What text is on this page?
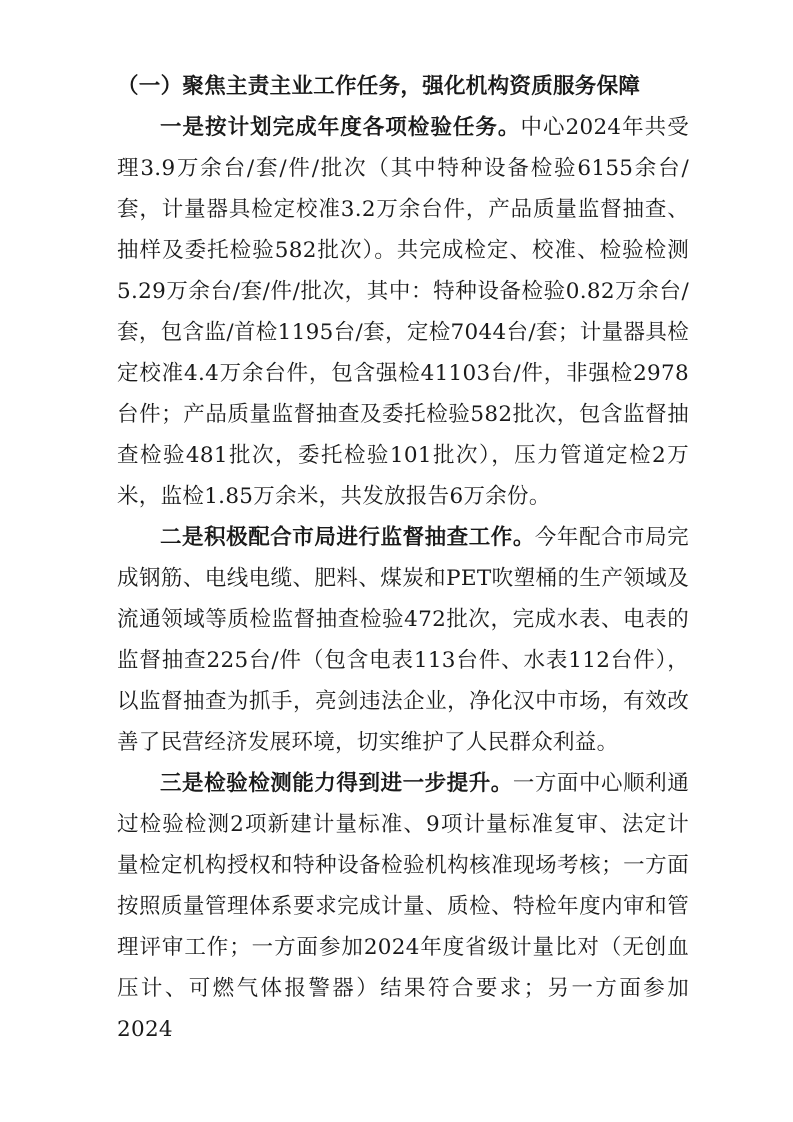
（一）聚焦主责主业工作任务，强化机构资质服务保障

一是按计划完成年度各项检验任务。中心2024年共受理3.9万余台/套/件/批次（其中特种设备检验6155余台/套，计量器具检定校准3.2万余台件，产品质量监督抽查、抽样及委托检验582批次）。共完成检定、校准、检验检测5.29万余台/套/件/批次，其中：特种设备检验0.82万余台/套，包含监/首检1195台/套，定检7044台/套；计量器具检定校准4.4万余台件，包含强检41103台/件，非强检2978台件；产品质量监督抽查及委托检验582批次，包含监督抽查检验481批次，委托检验101批次），压力管道定检2万米，监检1.85万余米，共发放报告6万余份。

二是积极配合市局进行监督抽查工作。今年配合市局完成钢筋、电线电缆、肥料、煤炭和PET吹塑桶的生产领域及流通领域等质检监督抽查检验472批次，完成水表、电表的监督抽查225台/件（包含电表113台件、水表112台件），以监督抽查为抓手，亮剑违法企业，净化汉中市场，有效改善了民营经济发展环境，切实维护了人民群众利益。

三是检验检测能力得到进一步提升。一方面中心顺利通过检验检测2项新建计量标准、9项计量标准复审、法定计量检定机构授权和特种设备检验机构核准现场考核；一方面按照质量管理体系要求完成计量、质检、特检年度内审和管理评审工作；一方面参加2024年度省级计量比对（无创血压计、可燃气体报警器）结果符合要求；另一方面参加2024
